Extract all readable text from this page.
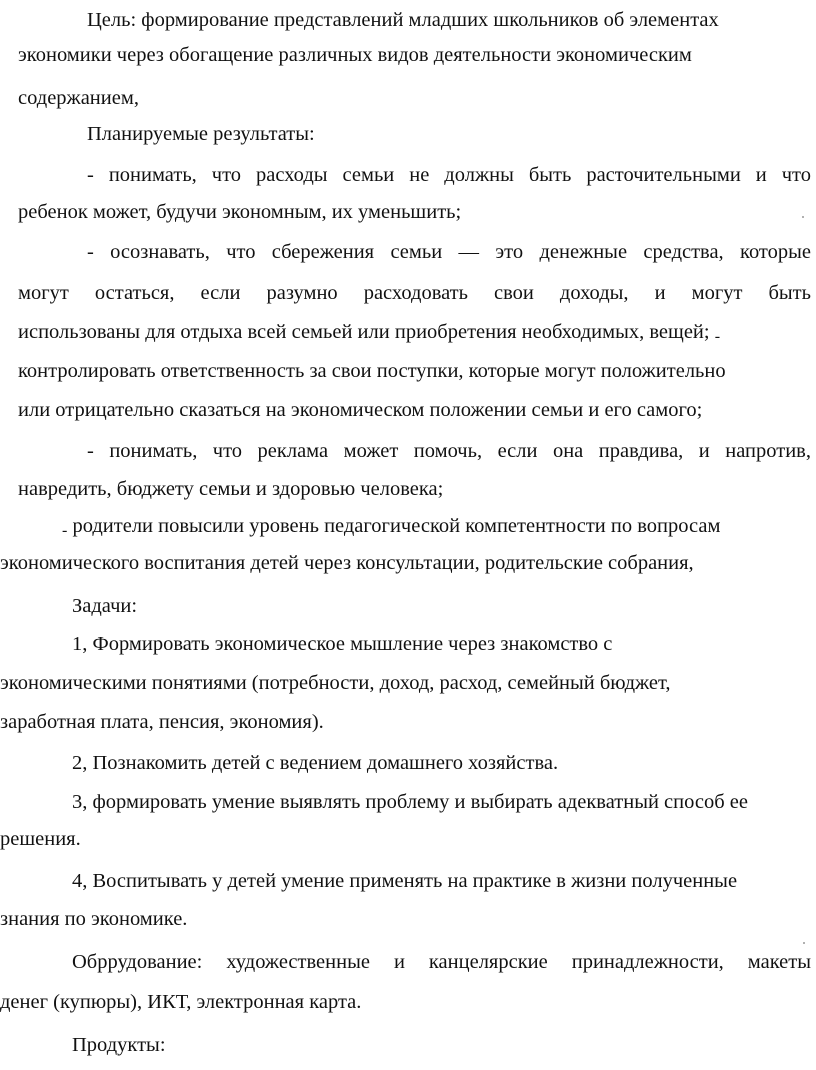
Цель: формирование представлений младших школьников об элементах
экономики через обогащение различных видов деятельности экономическим
содержанием,
Планируемые результаты:
- понимать, что расходы семьи не должны быть расточительными и что
ребенок может, будучи экономным, их уменьшить;
- осознавать, что сбережения семьи — это денежные средства, которые
могут остаться, если разумно расходовать свои доходы, и могут быть
использованы для отдыха всей семьей или приобретения необходимых, вещей; -
контролировать ответственность за свои поступки, которые могут положительно
или отрицательно сказаться на экономическом положении семьи и его самого;
- понимать, что реклама может помочь, если она правдива, и напротив,
навредить, бюджету семьи и здоровью человека;
- родители повысили уровень педагогической компетентности по вопросам
экономического воспитания детей через консультации, родительские собрания,
Задачи:
1, Формировать экономическое мышление через знакомство с
экономическими понятиями (потребности, доход, расход, семейный бюджет,
заработная плата, пенсия, экономия).
2, Познакомить детей с ведением домашнего хозяйства.
3, формировать умение выявлять проблему и выбирать адекватный способ ее
решения.
4, Воспитывать у детей умение применять на практике в жизни полученные
знания по экономике.
Обррудование: художественные и канцелярские принадлежности, макеты
денег (купюры), ИКТ, электронная карта.
Продукты:
